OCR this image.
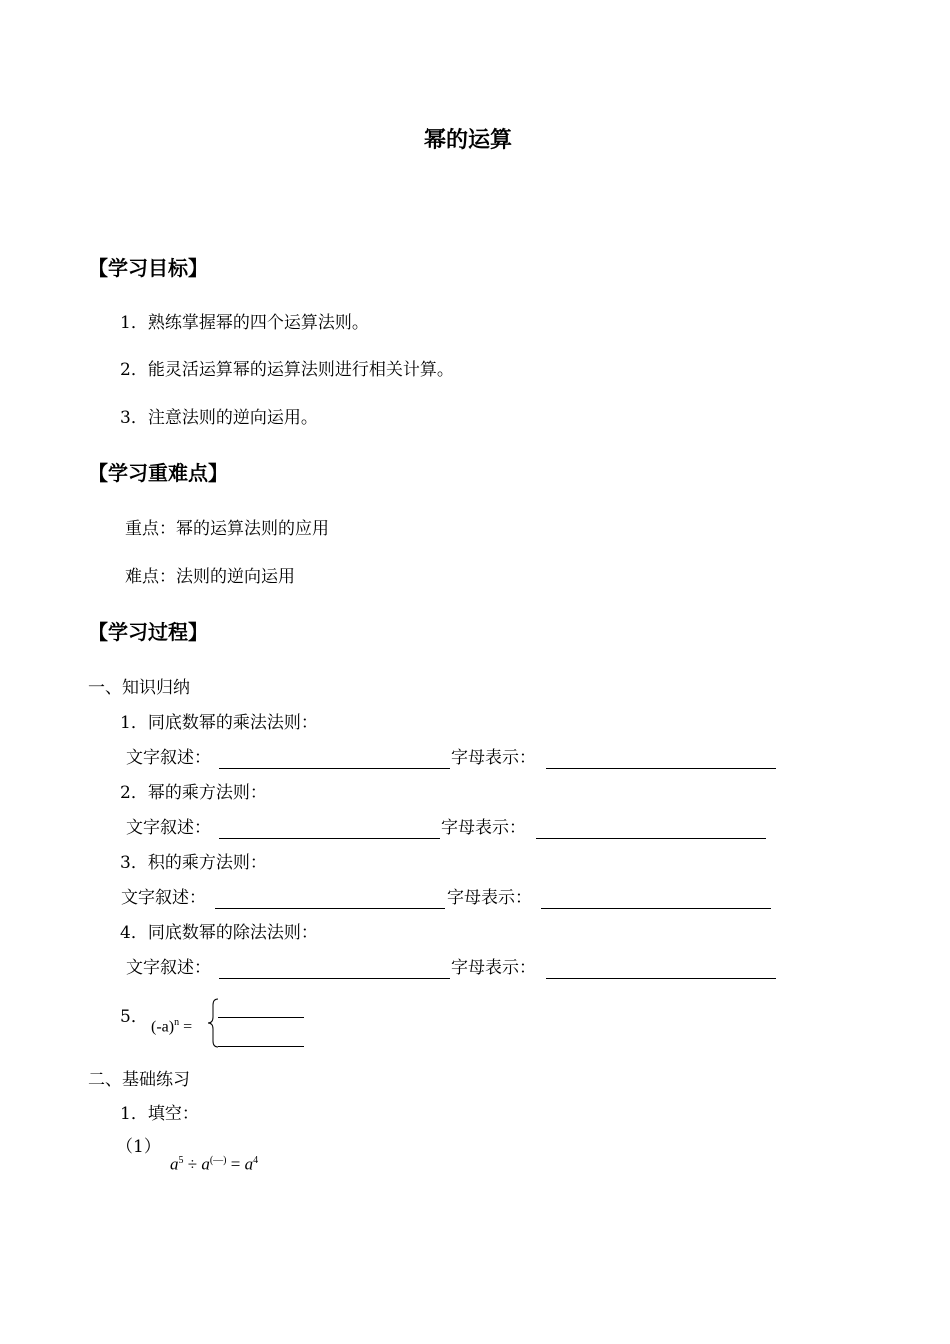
幂的运算
【学习目标】
1．熟练掌握幂的四个运算法则。
2．能灵活运算幂的运算法则进行相关计算。
3．注意法则的逆向运用。
【学习重难点】
重点：幂的运算法则的应用
难点：法则的逆向运用
【学习过程】
一、知识归纳
1．同底数幂的乘法法则：
文字叙述：	字母表示：
2．幂的乘方法则：
文字叙述：	字母表示：
3．积的乘方法则：
文字叙述：	字母表示：
4．同底数幂的除法法则：
文字叙述：	字母表示：
5． $(-a)^n$ =
二、基础练习
1．填空：
（1）
$a^5 \div a^{(—)} = a^4$
